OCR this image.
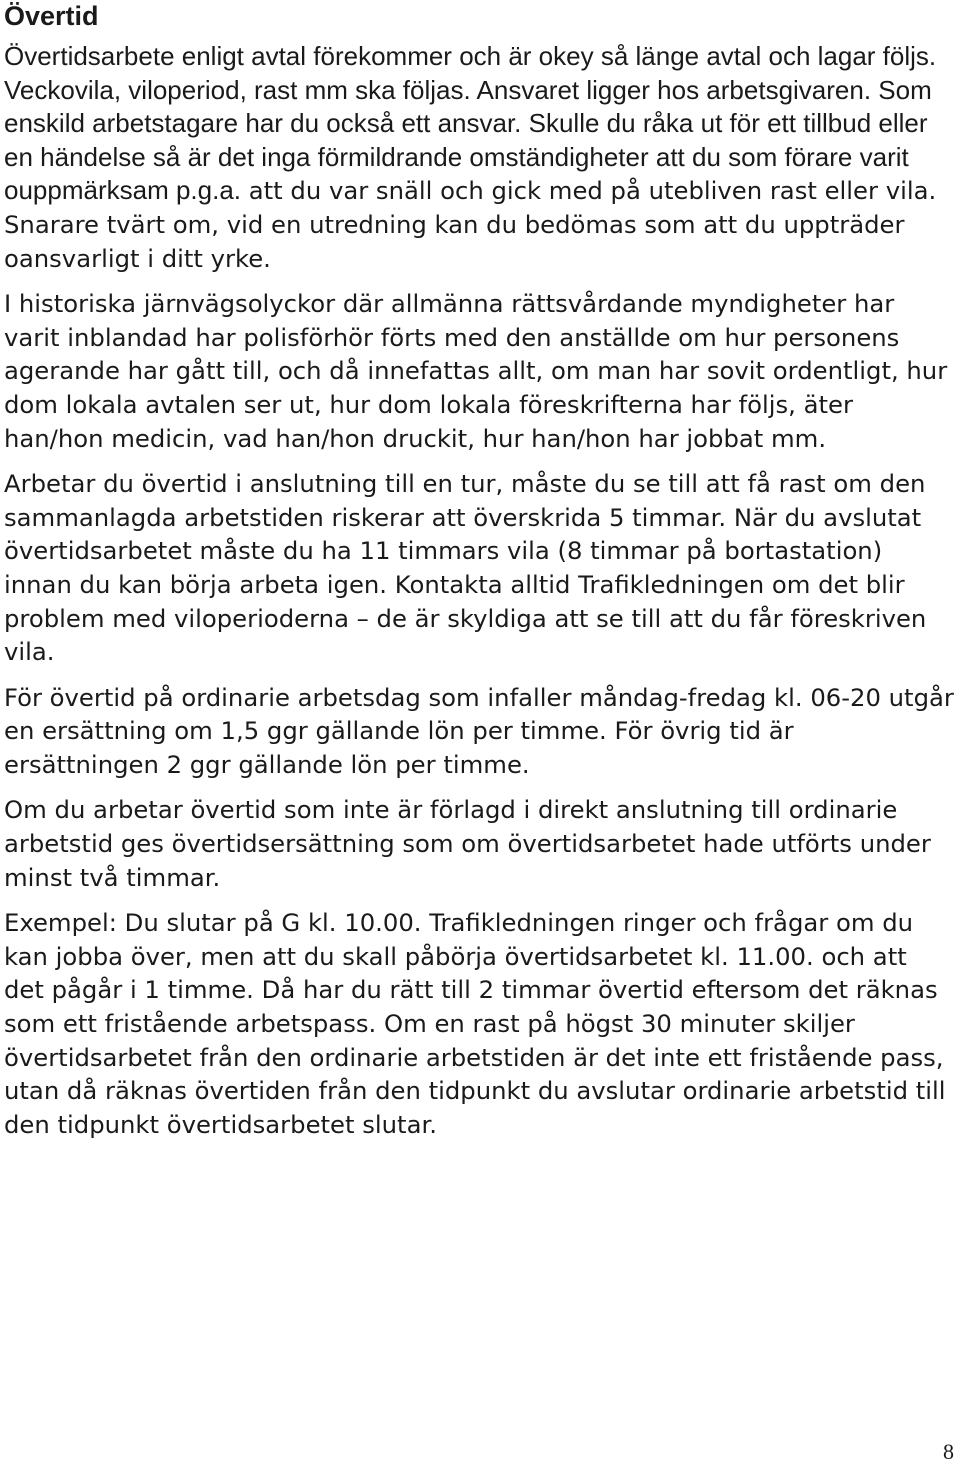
Övertid

Övertidsarbete enligt avtal förekommer och är okey så länge avtal och lagar följs. Veckovila, viloperiod, rast mm ska följas. Ansvaret ligger hos arbetsgivaren. Som enskild arbetstagare har du också ett ansvar. Skulle du råka ut för ett tillbud eller en händelse så är det inga förmildrande omständigheter att du som förare varit ouppmärksam p.g.a. att du var snäll och gick med på utebliven rast eller vila. Snarare tvärt om, vid en utredning kan du bedömas som att du uppträder oansvarligt i ditt yrke.

I historiska järnvägsolyckor där allmänna rättsvårdande myndigheter har varit inblandad har polisförhör förts med den anställde om hur personens agerande har gått till, och då innefattas allt, om man har sovit ordentligt, hur dom lokala avtalen ser ut, hur dom lokala föreskrifterna har följs, äter han/hon medicin, vad han/hon druckit, hur han/hon har jobbat mm.

Arbetar du övertid i anslutning till en tur, måste du se till att få rast om den sammanlagda arbetstiden riskerar att överskrida 5 timmar. När du avslutat övertidsarbetet måste du ha 11 timmars vila (8 timmar på bortastation) innan du kan börja arbeta igen. Kontakta alltid Trafikledningen om det blir problem med viloperioderna – de är skyldiga att se till att du får föreskriven vila.

För övertid på ordinarie arbetsdag som infaller måndag-fredag kl. 06-20 utgår en ersättning om 1,5 ggr gällande lön per timme. För övrig tid är ersättningen 2 ggr gällande lön per timme.

Om du arbetar övertid som inte är förlagd i direkt anslutning till ordinarie arbetstid ges övertidsersättning som om övertidsarbetet hade utförts under minst två timmar.

Exempel: Du slutar på G kl. 10.00. Trafikledningen ringer och frågar om du kan jobba över, men att du skall påbörja övertidsarbetet kl. 11.00. och att det pågår i 1 timme. Då har du rätt till 2 timmar övertid eftersom det räknas som ett fristående arbetspass. Om en rast på högst 30 minuter skiljer övertidsarbetet från den ordinarie arbetstiden är det inte ett fristående pass, utan då räknas övertiden från den tidpunkt du avslutar ordinarie arbetstid till den tidpunkt övertidsarbetet slutar.

8
